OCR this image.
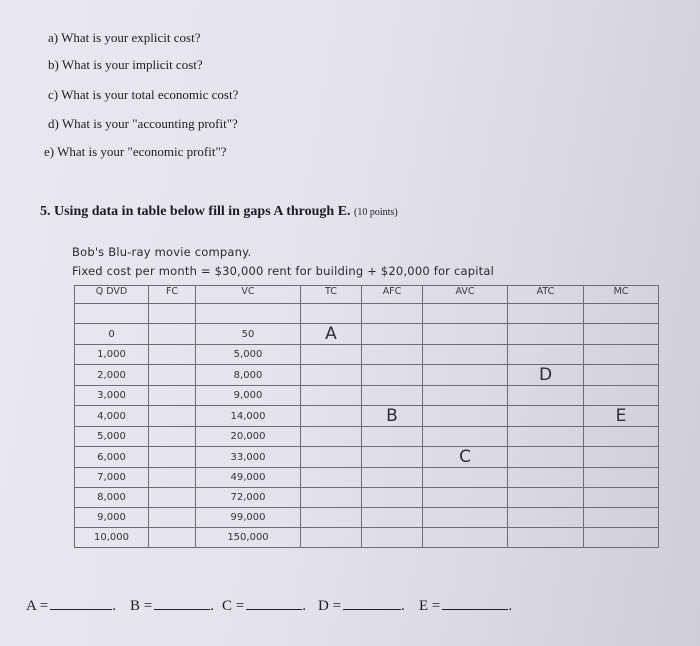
a) What is your explicit cost?
b) What is your implicit cost?
c) What is your total economic cost?
d) What is your "accounting profit"?
e) What is your "economic profit"?
5. Using data in table below fill in gaps A through E. (10 points)
Bob's Blu-ray movie company.
Fixed cost per month = $30,000 rent for building + $20,000 for capital
Q DVD	FC	VC	TC	AFC	AVC	ATC	MC

0		50	A				
1,000		5,000					
2,000		8,000				D	
3,000		9,000					
4,000		14,000		B			E
5,000		20,000					
6,000		33,000			C		
7,000		49,000					
8,000		72,000					
9,000		99,000					
10,000		150,000					
A =	. B =	. C =	. D =	. E =	.
